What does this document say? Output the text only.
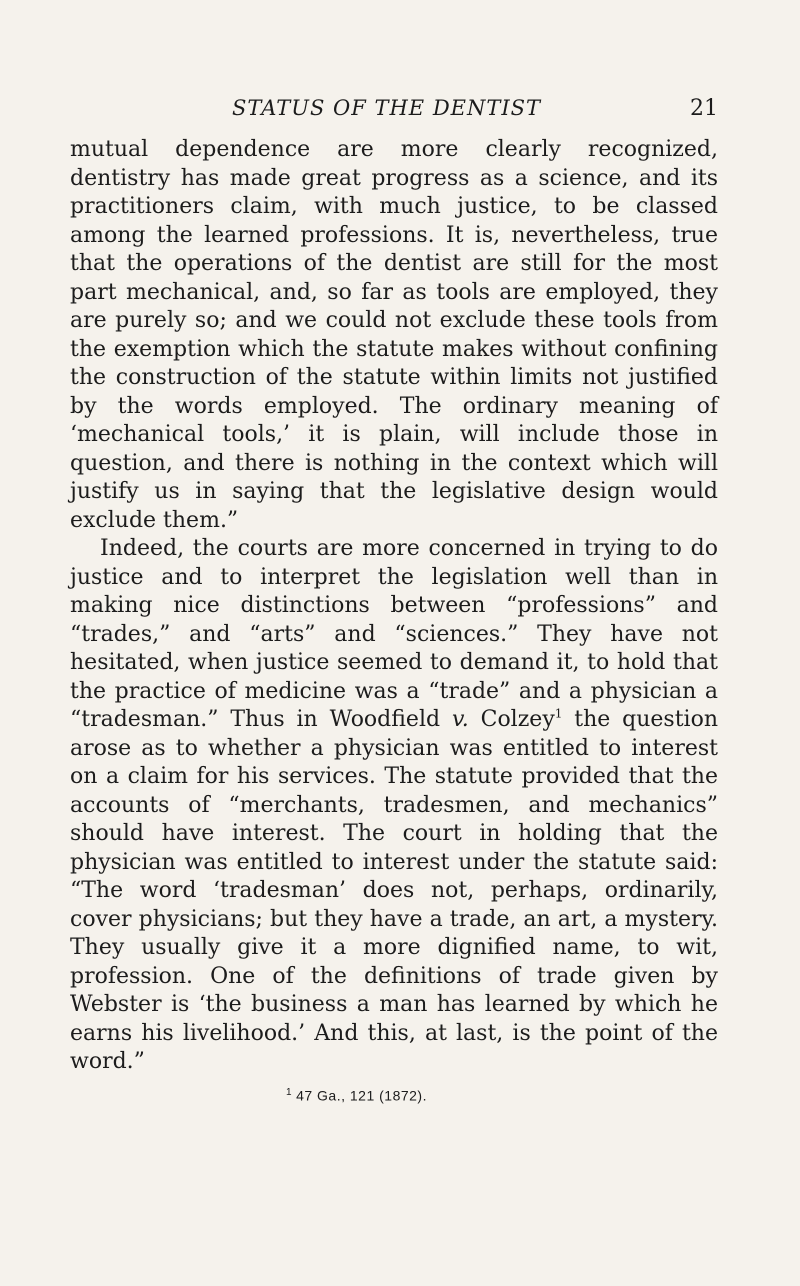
STATUS OF THE DENTIST	21

mutual dependence are more clearly recognized, dentistry has made great progress as a science, and its practitioners claim, with much justice, to be classed among the learned professions. It is, nevertheless, true that the operations of the dentist are still for the most part mechanical, and, so far as tools are employed, they are purely so; and we could not exclude these tools from the exemption which the statute makes without confining the construction of the statute within limits not justified by the words employed. The ordinary meaning of ‘mechanical tools,’ it is plain, will include those in question, and there is nothing in the context which will justify us in saying that the legislative design would exclude them.”

Indeed, the courts are more concerned in trying to do justice and to interpret the legislation well than in making nice distinctions between “professions” and “trades,” and “arts” and “sciences.” They have not hesitated, when justice seemed to demand it, to hold that the practice of medicine was a “trade” and a physician a “tradesman.” Thus in Woodfield v. Colzey$^1$ the question arose as to whether a physician was entitled to interest on a claim for his services. The statute provided that the accounts of “merchants, tradesmen, and mechanics” should have interest. The court in holding that the physician was entitled to interest under the statute said: “The word ‘tradesman’ does not, perhaps, ordinarily, cover physicians; but they have a trade, an art, a mystery. They usually give it a more dignified name, to wit, profession. One of the definitions of trade given by Webster is ‘the business a man has learned by which he earns his livelihood.’ And this, at last, is the point of the word.”

$^1$ 47 Ga., 121 (1872).
